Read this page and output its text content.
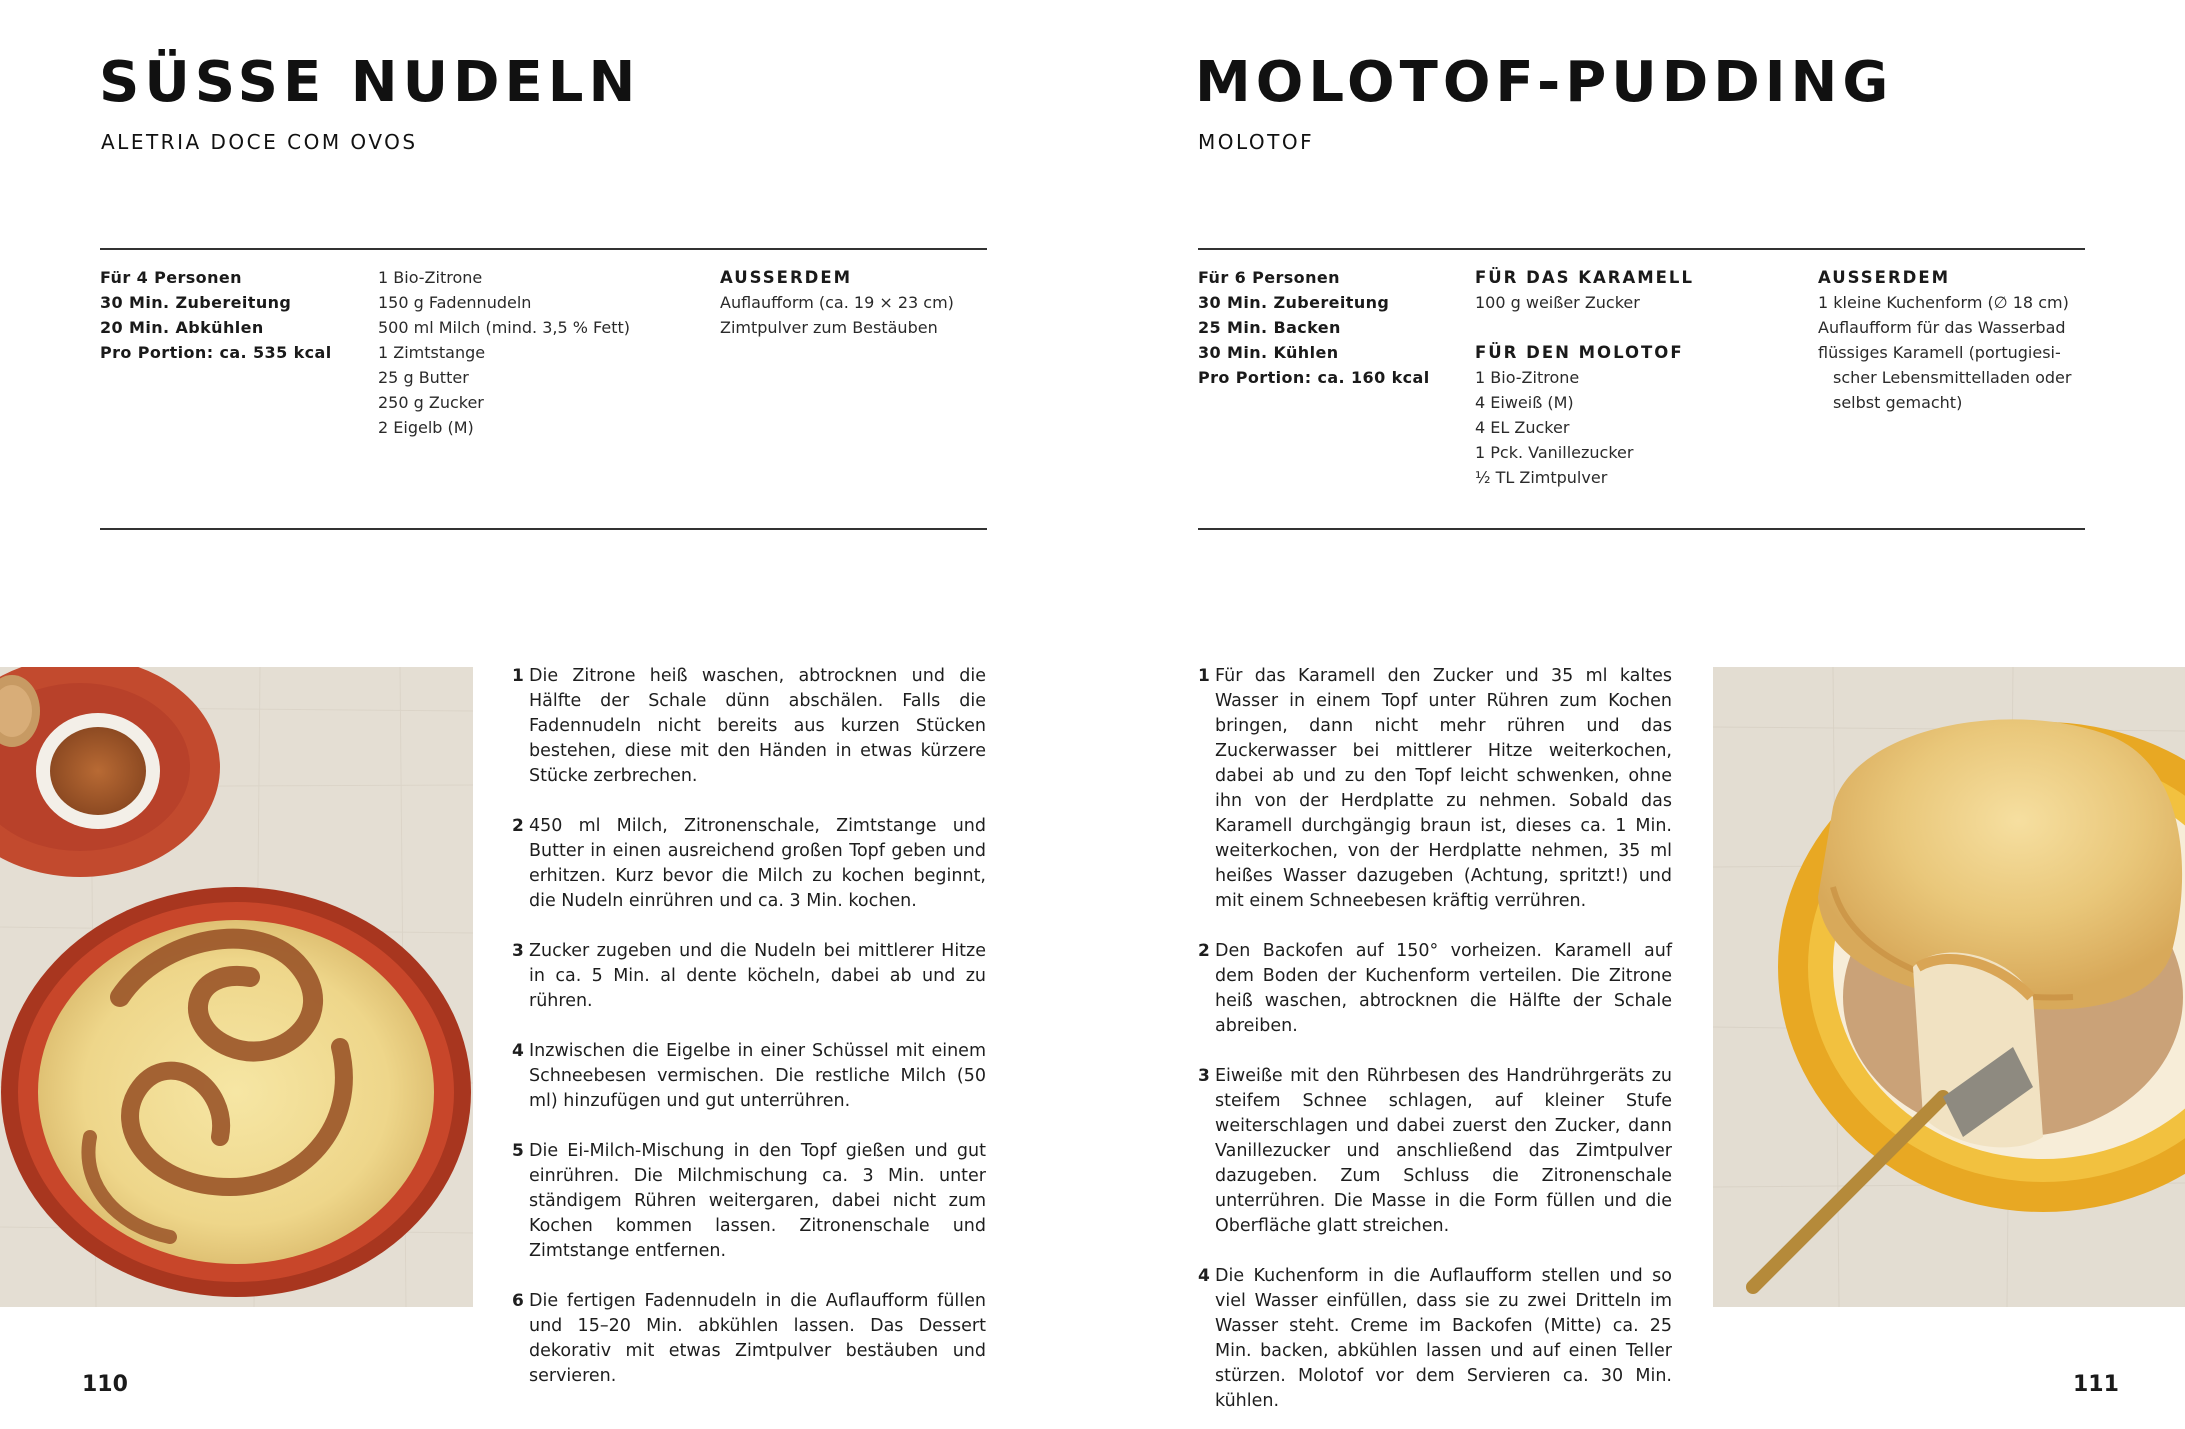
SÜSSE NUDELN
ALETRIA DOCE COM OVOS
Für 4 Personen
30 Min. Zubereitung
20 Min. Abkühlen
Pro Portion: ca. 535 kcal
1 Bio-Zitrone
150 g Fadennudeln
500 ml Milch (mind. 3,5 % Fett)
1 Zimtstange
25 g Butter
250 g Zucker
2 Eigelb (M)
AUSSERDEM
Auflaufform (ca. 19 × 23 cm)
Zimtpulver zum Bestäuben
1 Die Zitrone heiß waschen, abtrocknen und die Hälfte der Schale dünn abschälen. Falls die Fadennudeln nicht bereits aus kurzen Stücken bestehen, diese mit den Händen in etwas kürzere Stücke zerbrechen.
2 450 ml Milch, Zitronenschale, Zimtstange und Butter in einen ausreichend großen Topf geben und erhitzen. Kurz bevor die Milch zu kochen beginnt, die Nudeln einrühren und ca. 3 Min. kochen.
3 Zucker zugeben und die Nudeln bei mittlerer Hitze in ca. 5 Min. al dente köcheln, dabei ab und zu rühren.
4 Inzwischen die Eigelbe in einer Schüssel mit einem Schneebesen vermischen. Die restliche Milch (50 ml) hinzufügen und gut unterrühren.
5 Die Ei-Milch-Mischung in den Topf gießen und gut einrühren. Die Milchmischung ca. 3 Min. unter ständigem Rühren weitergaren, dabei nicht zum Kochen kommen lassen. Zitronenschale und Zimtstange entfernen.
6 Die fertigen Fadennudeln in die Auflaufform füllen und 15–20 Min. abkühlen lassen. Das Dessert dekorativ mit etwas Zimtpulver bestäuben und servieren.
110
MOLOTOF-PUDDING
MOLOTOF
Für 6 Personen
30 Min. Zubereitung
25 Min. Backen
30 Min. Kühlen
Pro Portion: ca. 160 kcal
FÜR DAS KARAMELL
100 g weißer Zucker
FÜR DEN MOLOTOF
1 Bio-Zitrone
4 Eiweiß (M)
4 EL Zucker
1 Pck. Vanillezucker
½ TL Zimtpulver
AUSSERDEM
1 kleine Kuchenform (∅ 18 cm)
Auflaufform für das Wasserbad
flüssiges Karamell (portugiesi-
scher Lebensmittelladen oder
selbst gemacht)
1 Für das Karamell den Zucker und 35 ml kaltes Wasser in einem Topf unter Rühren zum Kochen bringen, dann nicht mehr rühren und das Zuckerwasser bei mittlerer Hitze weiterkochen, dabei ab und zu den Topf leicht schwenken, ohne ihn von der Herdplatte zu nehmen. Sobald das Karamell durchgängig braun ist, dieses ca. 1 Min. weiterkochen, von der Herdplatte nehmen, 35 ml heißes Wasser dazugeben (Achtung, spritzt!) und mit einem Schneebesen kräftig verrühren.
2 Den Backofen auf 150° vorheizen. Karamell auf dem Boden der Kuchenform verteilen. Die Zitrone heiß waschen, abtrocknen die Hälfte der Schale abreiben.
3 Eiweiße mit den Rührbesen des Handrührgeräts zu steifem Schnee schlagen, auf kleiner Stufe weiterschlagen und dabei zuerst den Zucker, dann Vanillezucker und anschließend das Zimtpulver dazugeben. Zum Schluss die Zitronenschale unterrühren. Die Masse in die Form füllen und die Oberfläche glatt streichen.
4 Die Kuchenform in die Auflaufform stellen und so viel Wasser einfüllen, dass sie zu zwei Dritteln im Wasser steht. Creme im Backofen (Mitte) ca. 25 Min. backen, abkühlen lassen und auf einen Teller stürzen. Molotof vor dem Servieren ca. 30 Min. kühlen.
111
